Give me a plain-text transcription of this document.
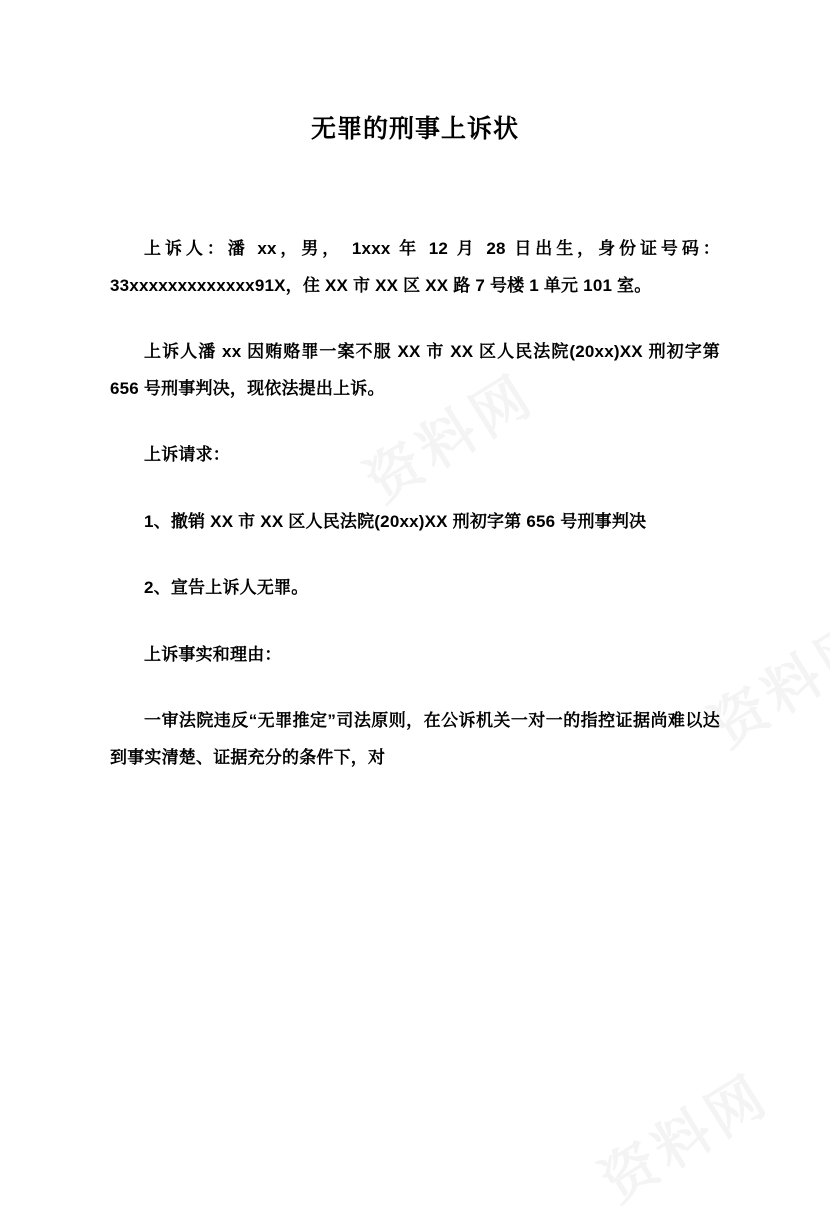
无罪的刑事上诉状

上诉人：潘 xx，男， 1xxx 年 12 月 28 日出生，身份证号码：33xxxxxxxxxxxxx91X，住 XX 市 XX 区 XX 路 7 号楼 1 单元 101 室。

上诉人潘 xx 因贿赂罪一案不服 XX 市 XX 区人民法院(20xx)XX 刑初字第 656 号刑事判决，现依法提出上诉。

上诉请求：

1、撤销 XX 市 XX 区人民法院(20xx)XX 刑初字第 656 号刑事判决

2、宣告上诉人无罪。

上诉事实和理由：

一审法院违反“无罪推定”司法原则，在公诉机关一对一的指控证据尚难以达到事实清楚、证据充分的条件下，对
